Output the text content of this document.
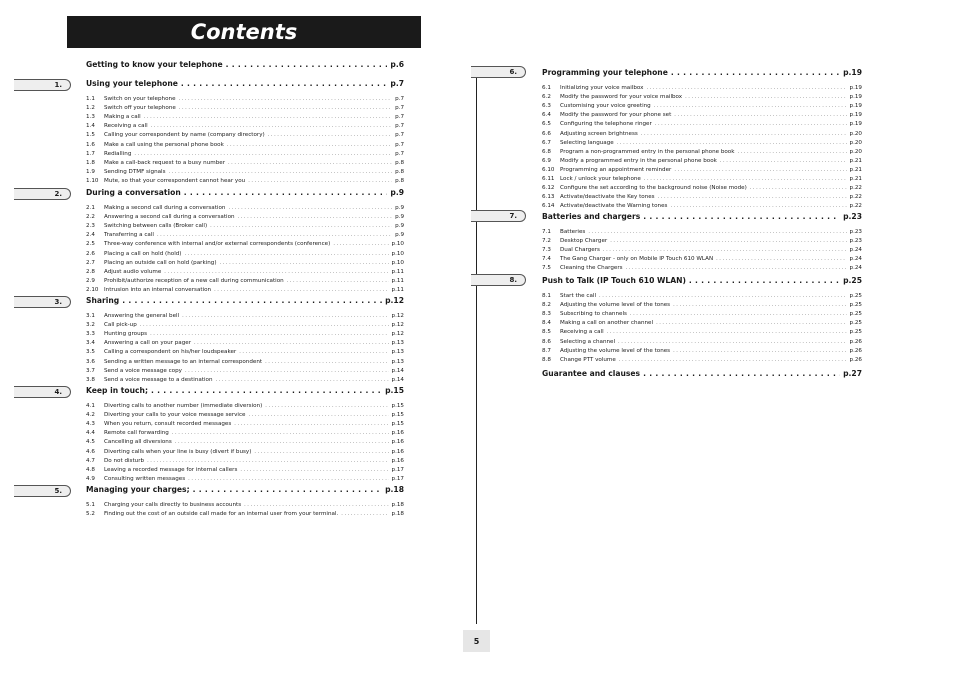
Contents
5
Getting to know your telephone . . .	p.6
Using your telephone . . .	p.7
1.1	Switch on your telephone . . .	p.7
1.2	Switch off your telephone . . .	p.7
1.3	Making a call . . .	p.7
1.4	Receiving a call . . .	p.7
1.5	Calling your correspondent by name (company directory) . . .	p.7
1.6	Make a call using the personal phone book . . .	p.7
1.7	Redialling . . .	p.7
1.8	Make a call-back request to a busy number . . .	p.8
1.9	Sending DTMF signals . . .	p.8
1.10 Mute, so that your correspondent cannot hear you . . .	p.8
During a conversation . . .	p.9
2.1	Making a second call during a conversation . . .	p.9
2.2	Answering a second call during a conversation . . .	p.9
2.3	Switching between calls (Broker call) . . .	p.9
2.4	Transferring a call . . .	p.9
2.5	Three-way conference with internal and/or external correspondents (conference) . . .	p.10
2.6	Placing a call on hold (hold) . . .	p.10
2.7	Placing an outside call on hold (parking) . . .	p.10
2.8	Adjust audio volume . . .	p.11
2.9	Prohibit/authorize reception of a new call during communication . . .	p.11
2.10 Intrusion into an internal conversation . . .	p.11
Sharing . . .	p.12
3.1	Answering the general bell . . .	p.12
3.2	Call pick-up . . .	p.12
3.3	Hunting groups . . .	p.12
3.4	Answering a call on your pager . . .	p.13
3.5	Calling a correspondent on his/her loudspeaker . . .	p.13
3.6	Sending a written message to an internal correspondent . . .	p.13
3.7	Send a voice message copy . . .	p.14
3.8	Send a voice message to a destination . . .	p.14
Keep in touch; . . .	p.15
4.1	Diverting calls to another number (immediate diversion) . . .	p.15
4.2	Diverting your calls to your voice message service . . .	p.15
4.3	When you return, consult recorded messages . . .	p.15
4.4	Remote call forwarding . . .	p.16
4.5	Cancelling all diversions . . .	p.16
4.6	Diverting calls when your line is busy (divert if busy) . . .	p.16
4.7	Do not disturb . . .	p.16
4.8	Leaving a recorded message for internal callers . . .	p.17
4.9	Consulting written messages . . .	p.17
Managing your charges; . . .	p.18
5.1	Charging your calls directly to business accounts . . .	p.18
5.2	Finding out the cost of an outside call made for an internal user from your terminal. . . .	p.18
Programming your telephone . . .	p.19
6.1	Initializing your voice mailbox . . .	p.19
6.2	Modify the password for your voice mailbox . . .	p.19
6.3	Customising your voice greeting . . .	p.19
6.4	Modify the password for your phone set . . .	p.19
6.5	Configuring the telephone ringer . . .	p.19
6.6	Adjusting screen brightness . . .	p.20
6.7	Selecting language . . .	p.20
6.8	Program a non-programmed entry in the personal phone book . . .	p.20
6.9	Modify a programmed entry in the personal phone book . . .	p.21
6.10 Programming an appointment reminder . . .	p.21
6.11 Lock / unlock your telephone . . .	p.21
6.12 Configure the set according to the background noise (Noise mode) . . .	p.22
6.13 Activate/deactivate the Key tones . . .	p.22
6.14 Activate/deactivate the Warning tones . . .	p.22
Batteries and chargers . . .	p.23
7.1	Batteries . . .	p.23
7.2	Desktop Charger . . .	p.23
7.3	Dual Chargers . . .	p.24
7.4	The Gang Charger - only on Mobile IP Touch 610 WLAN . . .	p.24
7.5	Cleaning the Chargers . . .	p.24
Push to Talk (IP Touch 610 WLAN) . . .	p.25
8.1	Start the call . . .	p.25
8.2	Adjusting the volume level of the tones . . .	p.25
8.3	Subscribing to channels . . .	p.25
8.4	Making a call on another channel . . .	p.25
8.5	Receiving a call . . .	p.25
8.6	Selecting a channel . . .	p.26
8.7	Adjusting the volume level of the tones . . .	p.26
8.8	Change PTT volume . . .	p.26
Guarantee and clauses . . .	p.27
1.
2.
3.
4.
5.
6.
7.
8.
